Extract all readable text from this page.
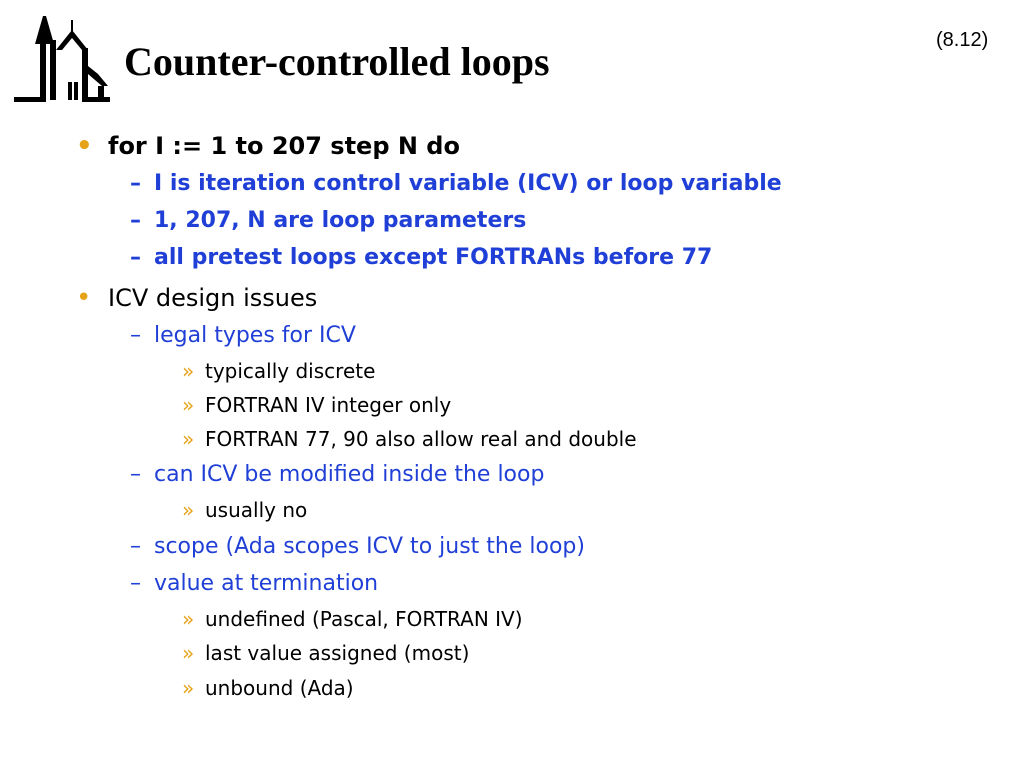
Counter-controlled loops	(8.12)
• for I := 1 to 207 step N do
– I is iteration control variable (ICV) or loop variable
– 1, 207, N are loop parameters
– all pretest loops except FORTRANs before 77
• ICV design issues
– legal types for ICV
» typically discrete
» FORTRAN IV integer only
» FORTRAN 77, 90 also allow real and double
– can ICV be modified inside the loop
» usually no
– scope (Ada scopes ICV to just the loop)
– value at termination
» undefined (Pascal, FORTRAN IV)
» last value assigned (most)
» unbound (Ada)
